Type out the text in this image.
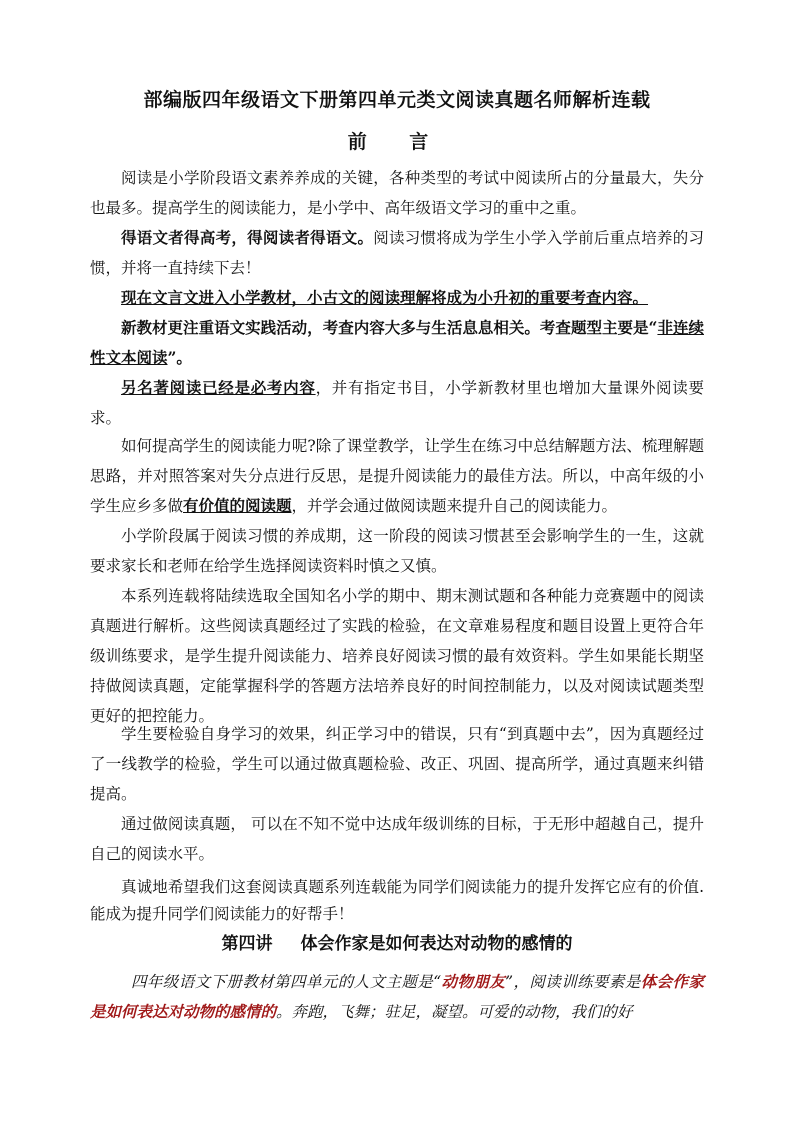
部编版四年级语文下册第四单元类文阅读真题名师解析连载
前 言
阅读是小学阶段语文素养养成的关键，各种类型的考试中阅读所占的分量最大，失分也最多。提高学生的阅读能力，是小学中、高年级语文学习的重中之重。
得语文者得高考，得阅读者得语文。阅读习惯将成为学生小学入学前后重点培养的习惯，并将一直持续下去！
现在文言文进入小学教材，小古文的阅读理解将成为小升初的重要考查内容。
新教材更注重语文实践活动，考查内容大多与生活息息相关。考查题型主要是“非连续性文本阅读”。
另名著阅读已经是必考内容，并有指定书目，小学新教材里也增加大量课外阅读要求。
如何提高学生的阅读能力呢?除了课堂教学，让学生在练习中总结解题方法、梳理解题思路，并对照答案对失分点进行反思，是提升阅读能力的最佳方法。所以，中高年级的小学生应乡多做有价值的阅读题，并学会通过做阅读题来提升自己的阅读能力。
小学阶段属于阅读习惯的养成期，这一阶段的阅读习惯甚至会影响学生的一生，这就要求家长和老师在给学生选择阅读资料时慎之又慎。
本系列连载将陆续选取全国知名小学的期中、期末测试题和各种能力竞赛题中的阅读真题进行解析。这些阅读真题经过了实践的检验，在文章难易程度和题目设置上更符合年级训练要求，是学生提升阅读能力、培养良好阅读习惯的最有效资料。学生如果能长期坚持做阅读真题，定能掌握科学的答题方法培养良好的时间控制能力，以及对阅读试题类型更好的把控能力。
学生要检验自身学习的效果，纠正学习中的错误，只有“到真题中去”，因为真题经过了一线教学的检验，学生可以通过做真题检验、改正、巩固、提高所学，通过真题来纠错提高。
通过做阅读真题， 可以在不知不觉中达成年级训练的目标，于无形中超越自己，提升自己的阅读水平。
真诚地希望我们这套阅读真题系列连载能为同学们阅读能力的提升发挥它应有的价值.能成为提升同学们阅读能力的好帮手！
第四讲 体会作家是如何表达对动物的感情的
四年级语文下册教材第四单元的人文主题是“动物朋友”，阅读训练要素是体会作家是如何表达对动物的感情的。奔跑，飞舞；驻足，凝望。可爱的动物，我们的好
